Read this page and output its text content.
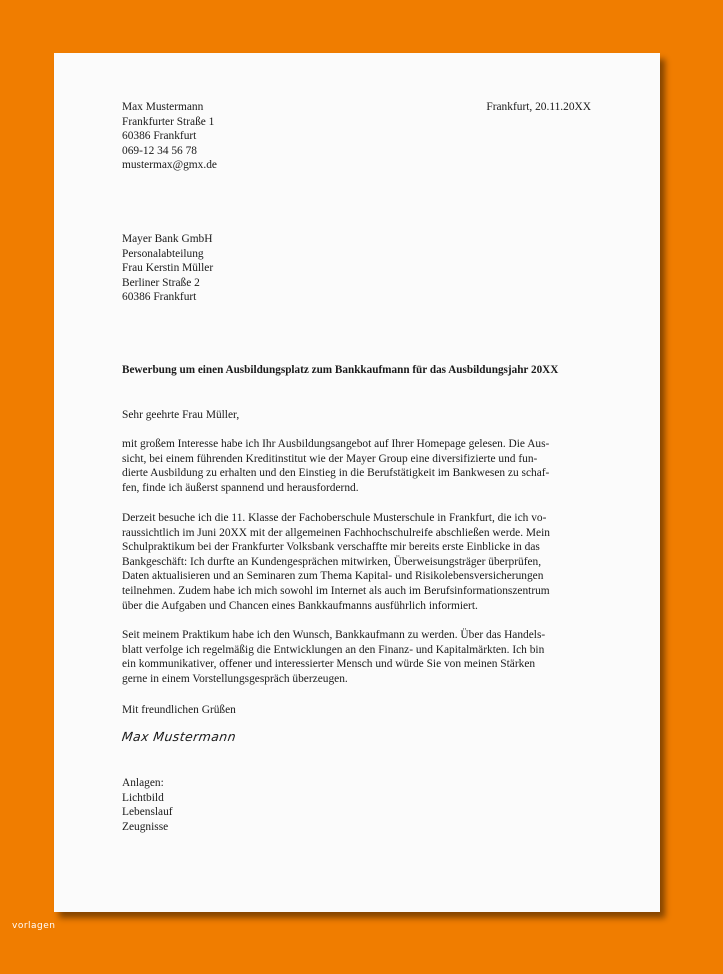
Max Mustermann
Frankfurter Straße 1
60386 Frankfurt
069-12 34 56 78
mustermax@gmx.de
Frankfurt, 20.11.20XX
Mayer Bank GmbH
Personalabteilung
Frau Kerstin Müller
Berliner Straße 2
60386 Frankfurt
Bewerbung um einen Ausbildungsplatz zum Bankkaufmann für das Ausbildungsjahr 20XX
Sehr geehrte Frau Müller,
mit großem Interesse habe ich Ihr Ausbildungsangebot auf Ihrer Homepage gelesen. Die Aus-
sicht, bei einem führenden Kreditinstitut wie der Mayer Group eine diversifizierte und fun-
dierte Ausbildung zu erhalten und den Einstieg in die Berufstätigkeit im Bankwesen zu schaf-
fen, finde ich äußerst spannend und herausfordernd.
Derzeit besuche ich die 11. Klasse der Fachoberschule Musterschule in Frankfurt, die ich vo-
raussichtlich im Juni 20XX mit der allgemeinen Fachhochschulreife abschließen werde. Mein
Schulpraktikum bei der Frankfurter Volksbank verschaffte mir bereits erste Einblicke in das
Bankgeschäft: Ich durfte an Kundengesprächen mitwirken, Überweisungsträger überprüfen,
Daten aktualisieren und an Seminaren zum Thema Kapital- und Risikolebensversicherungen
teilnehmen. Zudem habe ich mich sowohl im Internet als auch im Berufsinformationszentrum
über die Aufgaben und Chancen eines Bankkaufmanns ausführlich informiert.
Seit meinem Praktikum habe ich den Wunsch, Bankkaufmann zu werden. Über das Handels-
blatt verfolge ich regelmäßig die Entwicklungen an den Finanz- und Kapitalmärkten. Ich bin
ein kommunikativer, offener und interessierter Mensch und würde Sie von meinen Stärken
gerne in einem Vorstellungsgespräch überzeugen.
Mit freundlichen Grüßen
Max Mustermann
Anlagen:
Lichtbild
Lebenslauf
Zeugnisse
vorlagen
